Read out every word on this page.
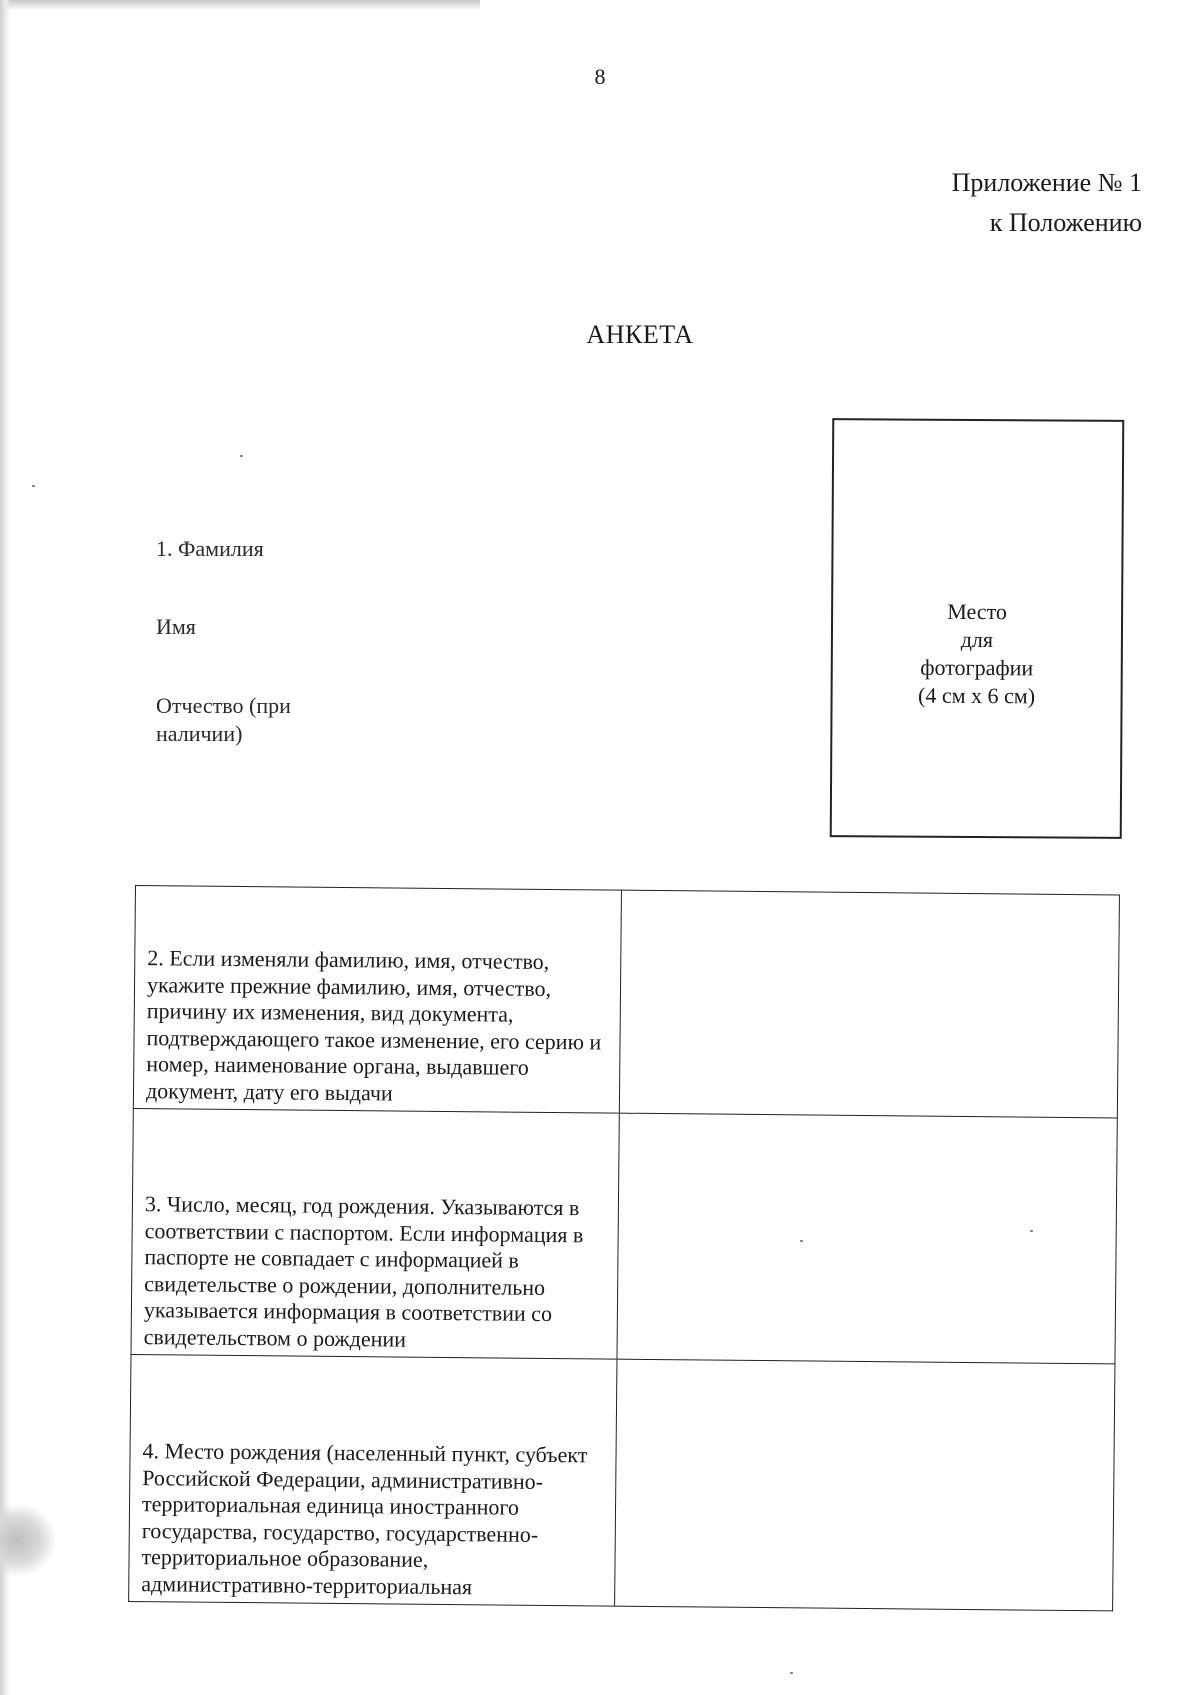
8
Приложение № 1
к Положению
АНКЕТА
1. Фамилия
Имя
Отчество (при наличии)
Место
для
фотографии
(4 см х 6 см)
2. Если изменяли фамилию, имя, отчество, укажите прежние фамилию, имя, отчество, причину их изменения, вид документа, подтверждающего такое изменение, его серию и номер, наименование органа, выдавшего документ, дату его выдачи	
3. Число, месяц, год рождения. Указываются в соответствии с паспортом. Если информация в паспорте не совпадает с информацией в свидетельстве о рождении, дополнительно указывается информация в соответствии со свидетельством о рождении	
4. Место рождения (населенный пункт, субъект Российской Федерации, административно-территориальная единица иностранного государства, государство, государственно-территориальное образование, административно-территориальная	
